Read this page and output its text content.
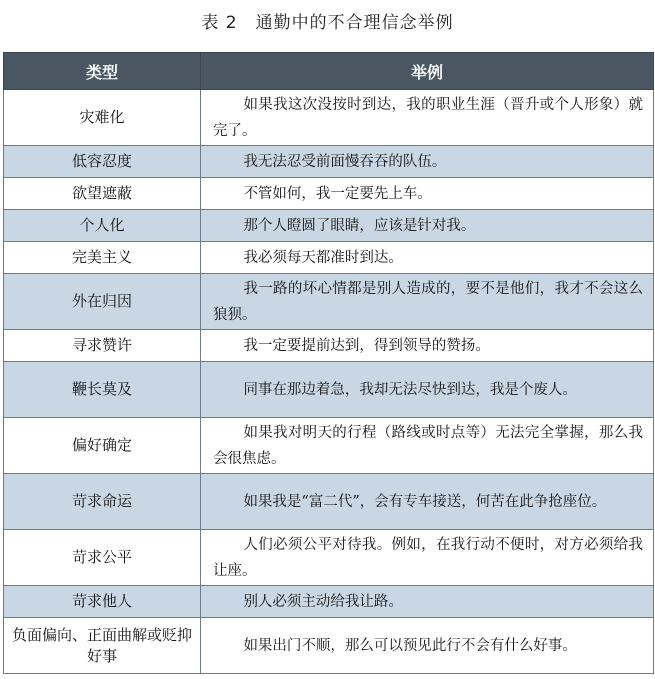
表 2　通勤中的不合理信念举例
类型	举例
灾难化	如果我这次没按时到达，我的职业生涯（晋升或个人形象）就完了。

低容忍度	我无法忍受前面慢吞吞的队伍。

欲望遮蔽	不管如何，我一定要先上车。

个人化	那个人瞪圆了眼睛，应该是针对我。

完美主义	我必须每天都准时到达。

外在归因	我一路的坏心情都是别人造成的，要不是他们，我才不会这么狼狈。

寻求赞许	我一定要提前达到，得到领导的赞扬。

鞭长莫及	同事在那边着急，我却无法尽快到达，我是个废人。

偏好确定	如果我对明天的行程（路线或时点等）无法完全掌握，那么我会很焦虑。

苛求命运	如果我是“富二代”，会有专车接送，何苦在此争抢座位。

苛求公平	人们必须公平对待我。例如，在我行动不便时，对方必须给我让座。

苛求他人	别人必须主动给我让路。

负面偏向、正面曲解或贬抑好事	如果出门不顺，那么可以预见此行不会有什么好事。
